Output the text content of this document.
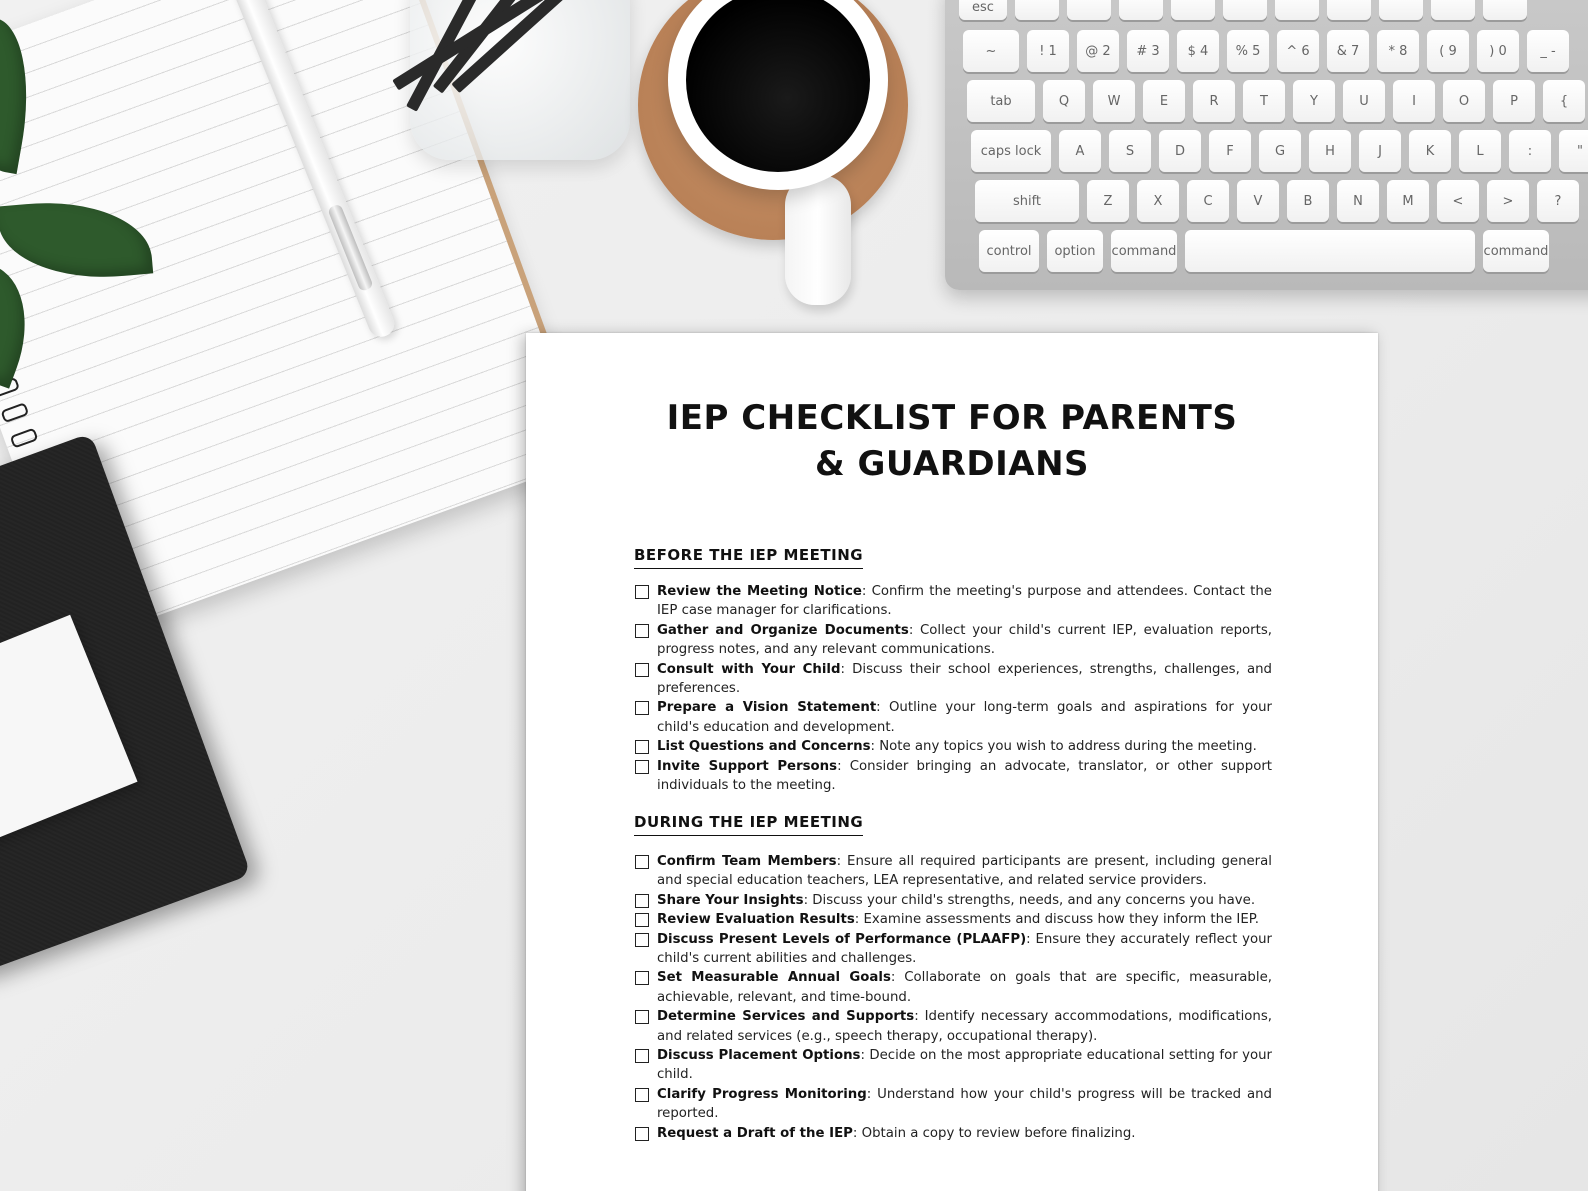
esc
~	! 1	@ 2	# 3	$ 4	% 5	^ 6	& 7	* 8	( 9	) 0	_ -
tab	Q	W	E	R	T	Y	U	I	O	P	{
caps lock	A	S	D	F	G	H	J	K	L	:	"
shift	Z	X	C	V	B	N	M	<	>	?
control	option	command	command
IEP CHECKLIST FOR PARENTS
& GUARDIANS
BEFORE THE IEP MEETING
Review the Meeting Notice: Confirm the meeting's purpose and attendees. Contact the IEP case manager for clarifications.
Gather and Organize Documents: Collect your child's current IEP, evaluation reports, progress notes, and any relevant communications.
Consult with Your Child: Discuss their school experiences, strengths, challenges, and preferences.
Prepare a Vision Statement: Outline your long-term goals and aspirations for your child's education and development.
List Questions and Concerns: Note any topics you wish to address during the meeting.
Invite Support Persons: Consider bringing an advocate, translator, or other support individuals to the meeting.
DURING THE IEP MEETING
Confirm Team Members: Ensure all required participants are present, including general and special education teachers, LEA representative, and related service providers.
Share Your Insights: Discuss your child's strengths, needs, and any concerns you have.
Review Evaluation Results: Examine assessments and discuss how they inform the IEP.
Discuss Present Levels of Performance (PLAAFP): Ensure they accurately reflect your child's current abilities and challenges.
Set Measurable Annual Goals: Collaborate on goals that are specific, measurable, achievable, relevant, and time-bound.
Determine Services and Supports: Identify necessary accommodations, modifications, and related services (e.g., speech therapy, occupational therapy).
Discuss Placement Options: Decide on the most appropriate educational setting for your child.
Clarify Progress Monitoring: Understand how your child's progress will be tracked and reported.
Request a Draft of the IEP: Obtain a copy to review before finalizing.
